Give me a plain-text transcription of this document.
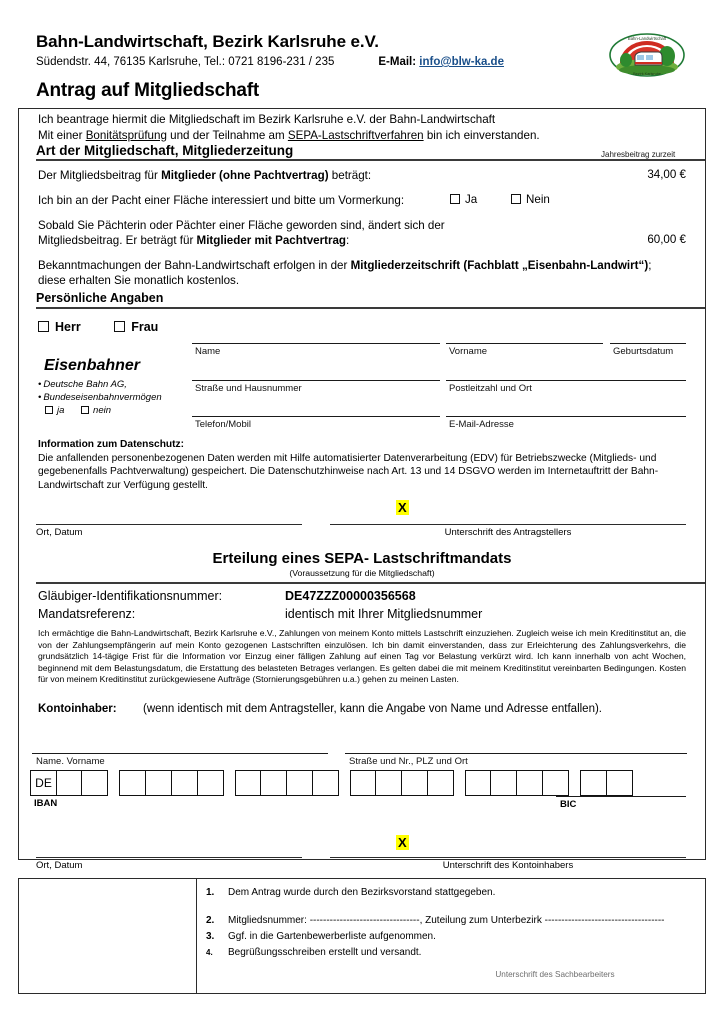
Bahn-Landwirtschaft, Bezirk Karlsruhe e.V.
Südendstr. 44, 76135 Karlsruhe, Tel.: 0721 8196-231 / 235	E-Mail: info@blw-ka.de
Bahn-Landwirtschaft
Bezirk Karlsruhe
Antrag auf Mitgliedschaft
Ich beantrage hiermit die Mitgliedschaft im Bezirk Karlsruhe e.V. der Bahn-Landwirtschaft
Mit einer Bonitätsprüfung und der Teilnahme am SEPA-Lastschriftverfahren bin ich einverstanden.
Art der Mitgliedschaft, Mitgliederzeitung	Jahresbeitrag zurzeit
Der Mitgliedsbeitrag für Mitglieder (ohne Pachtvertrag) beträgt:	34,00 €
Ich bin an der Pacht einer Fläche interessiert und bitte um Vormerkung:	Ja	Nein
Sobald Sie Pächterin oder Pächter einer Fläche geworden sind, ändert sich der
Mitgliedsbeitrag. Er beträgt für Mitglieder mit Pachtvertrag:	60,00 €
Bekanntmachungen der Bahn-Landwirtschaft erfolgen in der Mitgliederzeitschrift (Fachblatt „Eisenbahn-Landwirt“);
diese erhalten Sie monatlich kostenlos.
Persönliche Angaben
Herr	Frau
Eisenbahner
• Deutsche Bahn AG,
• Bundeseisenbahnvermögen
ja	nein
Name	Vorname	Geburtsdatum
Straße und Hausnummer	Postleitzahl und Ort
Telefon/Mobil	E-Mail-Adresse
Information zum Datenschutz:
Die anfallenden personenbezogenen Daten werden mit Hilfe automatisierter Datenverarbeitung (EDV) für Betriebszwecke (Mitglieds- und gegebenenfalls Pachtverwaltung) gespeichert. Die Datenschutzhinweise nach Art. 13 und 14 DSGVO werden im Internetauftritt der Bahn-Landwirtschaft zur Verfügung gestellt.
X
Ort, Datum	Unterschrift des Antragstellers
Erteilung eines SEPA- Lastschriftmandats
(Voraussetzung für die Mitgliedschaft)
Gläubiger-Identifikationsnummer:	DE47ZZZ00000356568
Mandatsreferenz:	identisch mit Ihrer Mitgliedsnummer
Ich ermächtige die Bahn-Landwirtschaft, Bezirk Karlsruhe e.V., Zahlungen von meinem Konto mittels Lastschrift einzuziehen. Zugleich weise ich mein Kreditinstitut an, die von der Zahlungsempfängerin auf mein Konto gezogenen Lastschriften einzulösen. Ich bin damit einverstanden, dass zur Erleichterung des Zahlungsverkehrs, die grundsätzlich 14-tägige Frist für die Information vor Einzug einer fälligen Zahlung auf einen Tag vor Belastung verkürzt wird. Ich kann innerhalb von acht Wochen, beginnend mit dem Belastungsdatum, die Erstattung des belasteten Betrages verlangen. Es gelten dabei die mit meinem Kreditinstitut vereinbarten Bedingungen. Kosten für von meinem Kreditinstitut zurückgewiesene Aufträge (Stornierungsgebühren u.a.) gehen zu meinen Lasten.
Kontoinhaber: (wenn identisch mit dem Antragsteller, kann die Angabe von Name und Adresse entfallen).
Name. Vorname	Straße und Nr., PLZ und Ort
DE
IBAN	BIC
X
Ort, Datum	Unterschrift des Kontoinhabers
1.	Dem Antrag wurde durch den Bezirksvorstand stattgegeben.
2.	Mitgliedsnummer: ---------------------------------, Zuteilung zum Unterbezirk ------------------------------------
3.	Ggf. in die Gartenbewerberliste aufgenommen.
4.	Begrüßungsschreiben erstellt und versandt.
Unterschrift des Sachbearbeiters
